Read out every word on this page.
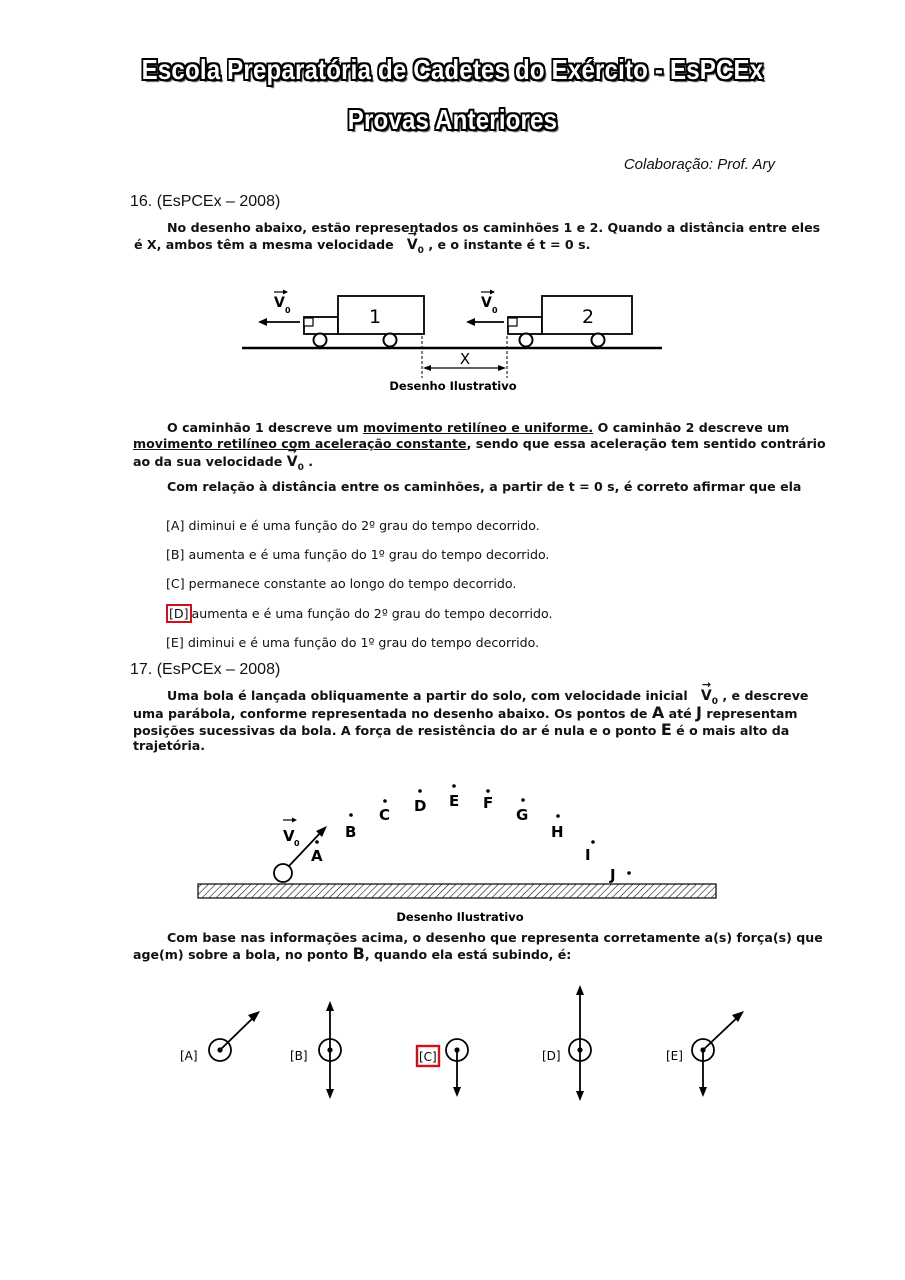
Escola Preparatória de Cadetes do Exército - EsPCEx
Provas Anteriores
Colaboração: Prof. Ary
16. (EsPCEx – 2008)
No desenho abaixo, estão representados os caminhões 1 e 2. Quando a distância entre eles
é X, ambos têm a mesma velocidade → $V_0$ , e o instante é t = 0 s.
1
V 0	2
V 0
X
Desenho Ilustrativo
O caminhão 1 descreve um movimento retilíneo e uniforme. O caminhão 2 descreve um
movimento retilíneo com aceleração constante, sendo que essa aceleração tem sentido contrário
ao da sua velocidade → $V_0$ .
Com relação à distância entre os caminhões, a partir de t = 0 s, é correto afirmar que ela
[A] diminui e é uma função do 2º grau do tempo decorrido.
[B] aumenta e é uma função do 1º grau do tempo decorrido.
[C] permanece constante ao longo do tempo decorrido.
[D] aumenta e é uma função do 2º grau do tempo decorrido.
[E] diminui e é uma função do 1º grau do tempo decorrido.
17. (EsPCEx – 2008)
Uma bola é lançada obliquamente a partir do solo, com velocidade inicial → $V_0$ , e descreve
uma parábola, conforme representada no desenho abaixo. Os pontos de A até J representam
posições sucessivas da bola. A força de resistência do ar é nula e o ponto E é o mais alto da
trajetória.
V 0
A
B
C D E F
G
H
I
J
Desenho Ilustrativo
Com base nas informações acima, o desenho que representa corretamente a(s) força(s) que
age(m) sobre a bola, no ponto B, quando ela está subindo, é:
[A]	[B]	[C]	[D]	[E]
